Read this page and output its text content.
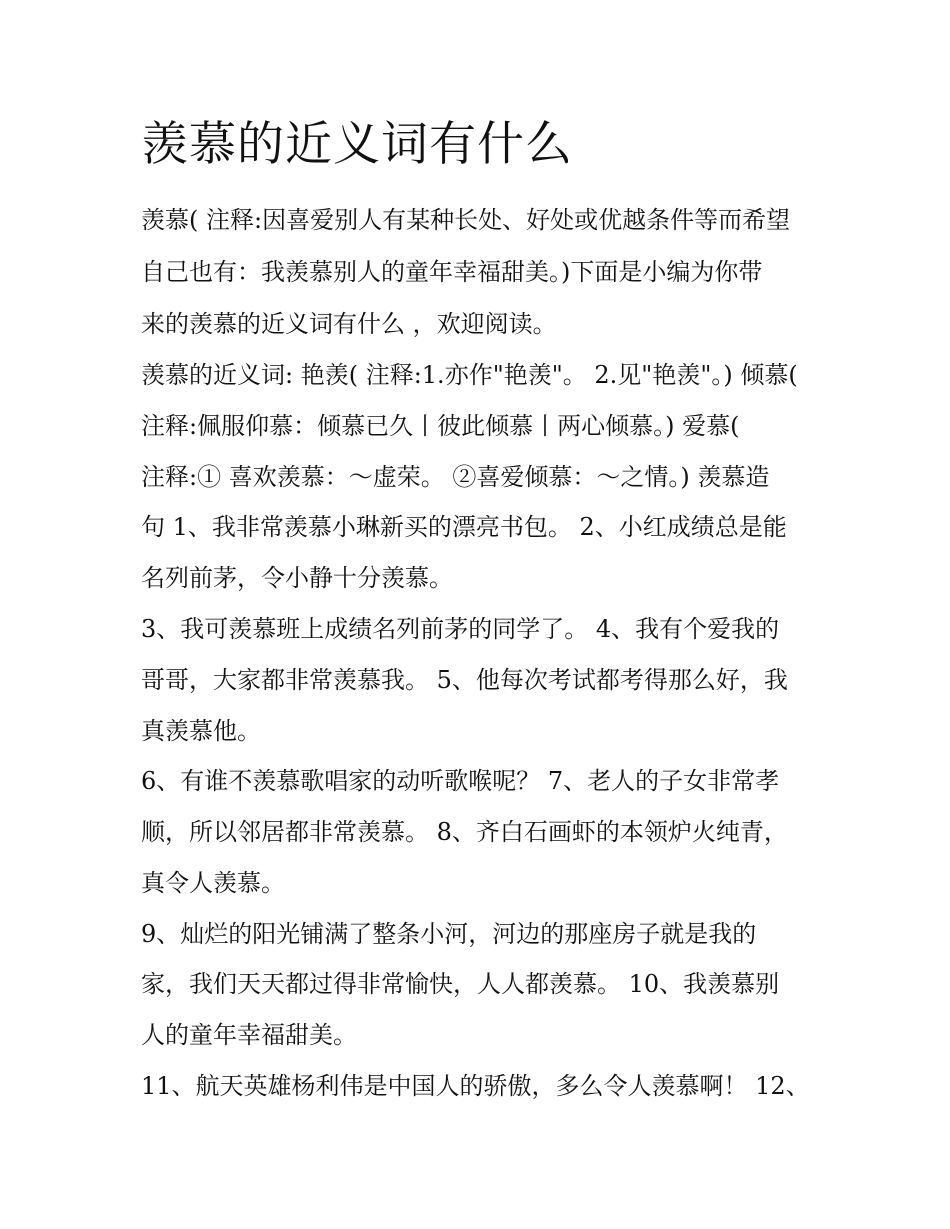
羡慕的近义词有什么

羡慕( 注释:因喜爱别人有某种长处、好处或优越条件等而希望

自己也有：我羡慕别人的童年幸福甜美。)下面是小编为你带

来的羡慕的近义词有什么 ，欢迎阅读。

羡慕的近义词: 艳羡( 注释:1.亦作"艳羡"。 2.见"艳羡"。) 倾慕(

注释:佩服仰慕：倾慕已久丨彼此倾慕丨两心倾慕。) 爱慕(

注释:① 喜欢羡慕：～虚荣。 ②喜爱倾慕：～之情。) 羡慕造

句 1、我非常羡慕小琳新买的漂亮书包。 2、小红成绩总是能

名列前茅，令小静十分羡慕。

3、我可羡慕班上成绩名列前茅的同学了。 4、我有个爱我的

哥哥，大家都非常羡慕我。 5、他每次考试都考得那么好，我

真羡慕他。

6、有谁不羡慕歌唱家的动听歌喉呢？ 7、老人的子女非常孝

顺，所以邻居都非常羡慕。 8、齐白石画虾的本领炉火纯青，

真令人羡慕。

9、灿烂的阳光铺满了整条小河，河边的那座房子就是我的

家，我们天天都过得非常愉快，人人都羡慕。 10、我羡慕别

人的童年幸福甜美。

11、航天英雄杨利伟是中国人的骄傲，多么令人羡慕啊！ 12、
